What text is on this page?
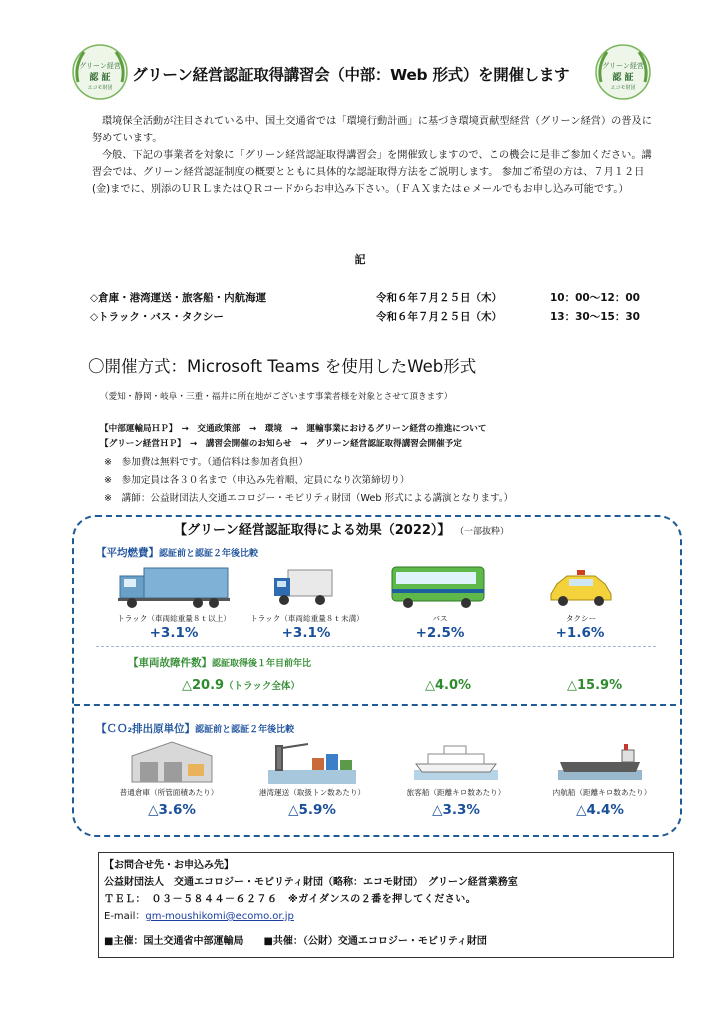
グリーン経営
認 証
エコモ財団
グリーン経営
認 証
エコモ財団
グリーン経営認証取得講習会（中部：Web 形式）を開催します

環境保全活動が注目されている中、国土交通省では「環境行動計画」に基づき環境貢献型経営（グリーン経営）の普及に努めています。

今般、下記の事業者を対象に「グリーン経営認証取得講習会」を開催致しますので、この機会に是非ご参加ください。講習会では、グリーン経営認証制度の概要とともに具体的な認証取得方法をご説明します。 参加ご希望の方は、７月１２日(金)までに、別添のＵＲＬまたはＱＲコードからお申込み下さい。（ＦＡＸまたはｅメールでもお申し込み可能です。）

記
◇倉庫・港湾運送・旅客船・内航海運	令和６年７月２５日（木）	10：00～12：00
◇トラック・バス・タクシー	令和６年７月２５日（木）	13：30～15：30
〇開催方式：Microsoft Teams を使用したWeb形式
（愛知・静岡・岐阜・三重・福井に所在地がございます事業者様を対象とさせて頂きます）
【中部運輸局ＨＰ】　→　交通政策部　→　環境　→　運輸事業におけるグリーン経営の推進について
【グリーン経営ＨＰ】　→　講習会開催のお知らせ　→　グリーン経営認証取得講習会開催予定
※　参加費は無料です。（通信料は参加者負担）
※　参加定員は各３０名まで（申込み先着順、定員になり次第締切り）
※　講師：公益財団法人交通エコロジー・モビリティ財団（Web 形式による講演となります。）
【グリーン経営認証取得による効果（2022）】 （一部抜粋）
【平均燃費】認証前と認証２年後比較
トラック（車両総重量８ｔ以上）	トラック（車両総重量８ｔ未満）	バス	タクシー
+3.1%	+3.1%	+2.5%	+1.6%
【車両故障件数】認証取得後１年目前年比
△20.9（トラック全体）	△4.0%	△15.9%
【ＣＯ₂排出原単位】認証前と認証２年後比較
普通倉庫（所管面積あたり）	港湾運送（取扱トン数あたり）	旅客船（距離キロ数あたり）	内航船（距離キロ数あたり）
△3.6%	△5.9%	△3.3%	△4.4%
【お問合せ先・お申込み先】
公益財団法人　交通エコロジー・モビリティ財団（略称：エコモ財団）　グリーン経営業務室
ＴＥＬ：　０３－５８４４－６２７６　※ガイダンスの２番を押してください。
E-mail：gm-moushikomi@ecomo.or.jp
■主催：国土交通省中部運輸局　　■共催：（公財）交通エコロジー・モビリティ財団
